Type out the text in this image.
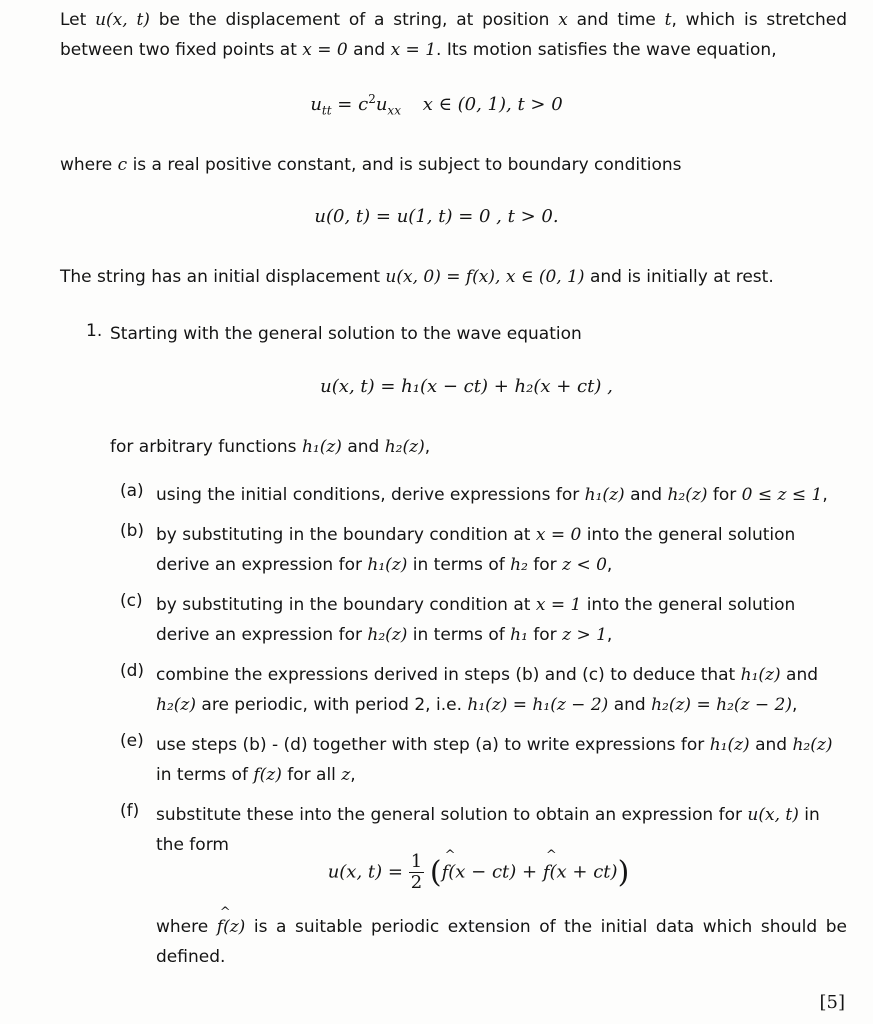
Let u(x, t) be the displacement of a string, at position x and time t, which is stretched between two fixed points at x = 0 and x = 1. Its motion satisfies the wave equation,

$u_{tt} = c^2u_{xx}$ x ∈ (0, 1), t > 0

where c is a real positive constant, and is subject to boundary conditions

u(0, t) = u(1, t) = 0 , t > 0.

The string has an initial displacement u(x, 0) = f(x), x ∈ (0, 1) and is initially at rest.

1. Starting with the general solution to the wave equation
u(x, t) = h₁(x − ct) + h₂(x + ct) ,
for arbitrary functions h₁(z) and h₂(z),
(a) using the initial conditions, derive expressions for h₁(z) and h₂(z) for 0 ≤ z ≤ 1,

(b) by substituting in the boundary condition at x = 0 into the general solution derive an expression for h₁(z) in terms of h₂ for z < 0,

(c) by substituting in the boundary condition at x = 1 into the general solution derive an expression for h₂(z) in terms of h₁ for z > 1,

(d) combine the expressions derived in steps (b) and (c) to deduce that h₁(z) and h₂(z) are periodic, with period 2, i.e. h₁(z) = h₁(z − 2) and h₂(z) = h₂(z − 2),

(e) use steps (b) - (d) together with step (a) to write expressions for h₁(z) and h₂(z) in terms of f(z) for all z,

(f) substitute these into the general solution to obtain an expression for u(x, t) in the form

u(x, $t) = \frac{1}{2}$ (^ f(x − ct) + ^ f(x + ct))

where ^ f(z) is a suitable periodic extension of the initial data which should be defined.

[5]
